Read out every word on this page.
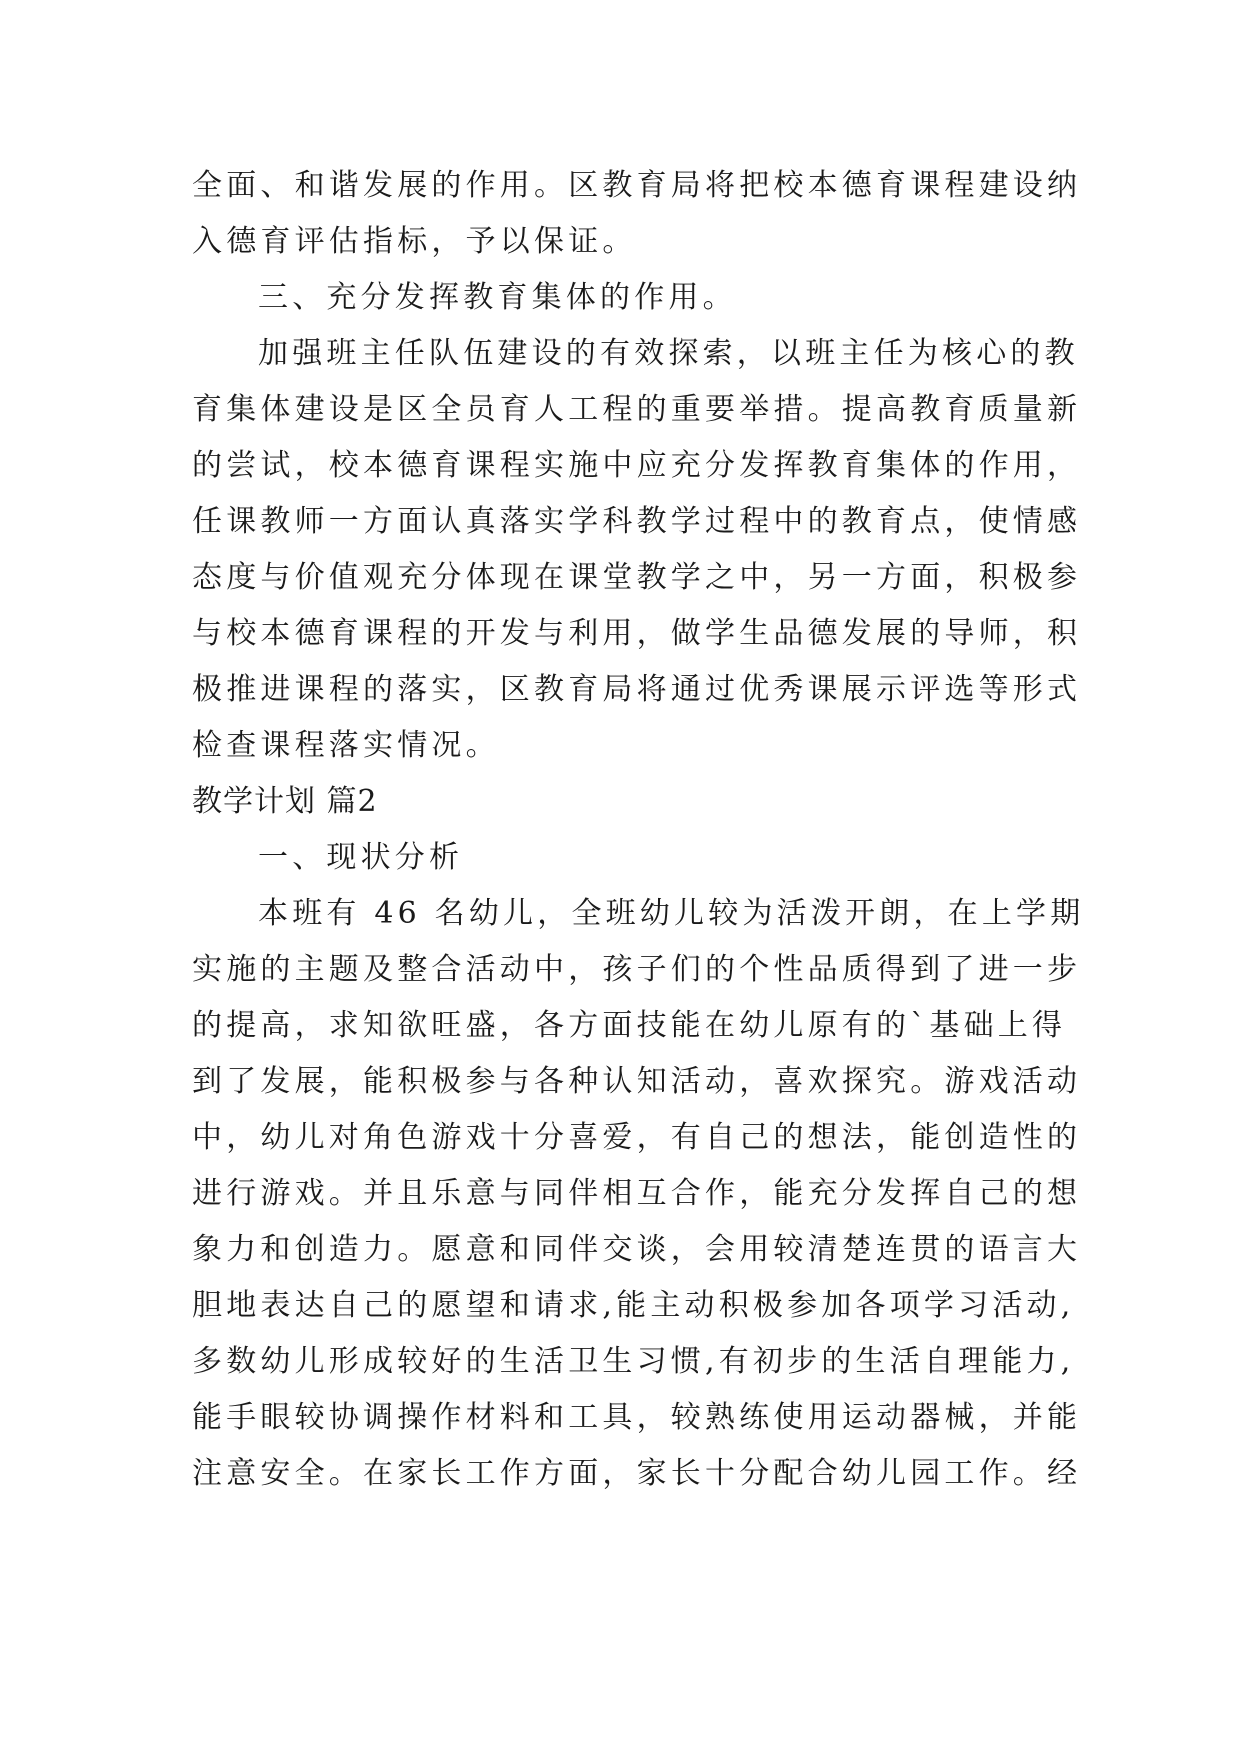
全面、和谐发展的作用。区教育局将把校本德育课程建设纳
入德育评估指标，予以保证。
三、充分发挥教育集体的作用。
加强班主任队伍建设的有效探索，以班主任为核心的教
育集体建设是区全员育人工程的重要举措。提高教育质量新
的尝试，校本德育课程实施中应充分发挥教育集体的作用，
任课教师一方面认真落实学科教学过程中的教育点，使情感
态度与价值观充分体现在课堂教学之中，另一方面，积极参
与校本德育课程的开发与利用，做学生品德发展的导师，积
极推进课程的落实，区教育局将通过优秀课展示评选等形式
检查课程落实情况。
教学计划 篇2
一、现状分析
本班有 46 名幼儿，全班幼儿较为活泼开朗，在上学期
实施的主题及整合活动中，孩子们的个性品质得到了进一步
的提高，求知欲旺盛，各方面技能在幼儿原有的`基础上得
到了发展，能积极参与各种认知活动，喜欢探究。游戏活动
中，幼儿对角色游戏十分喜爱，有自己的想法，能创造性的
进行游戏。并且乐意与同伴相互合作，能充分发挥自己的想
象力和创造力。愿意和同伴交谈，会用较清楚连贯的语言大
胆地表达自己的愿望和请求,能主动积极参加各项学习活动,
多数幼儿形成较好的生活卫生习惯,有初步的生活自理能力,
能手眼较协调操作材料和工具，较熟练使用运动器械，并能
注意安全。在家长工作方面，家长十分配合幼儿园工作。经
